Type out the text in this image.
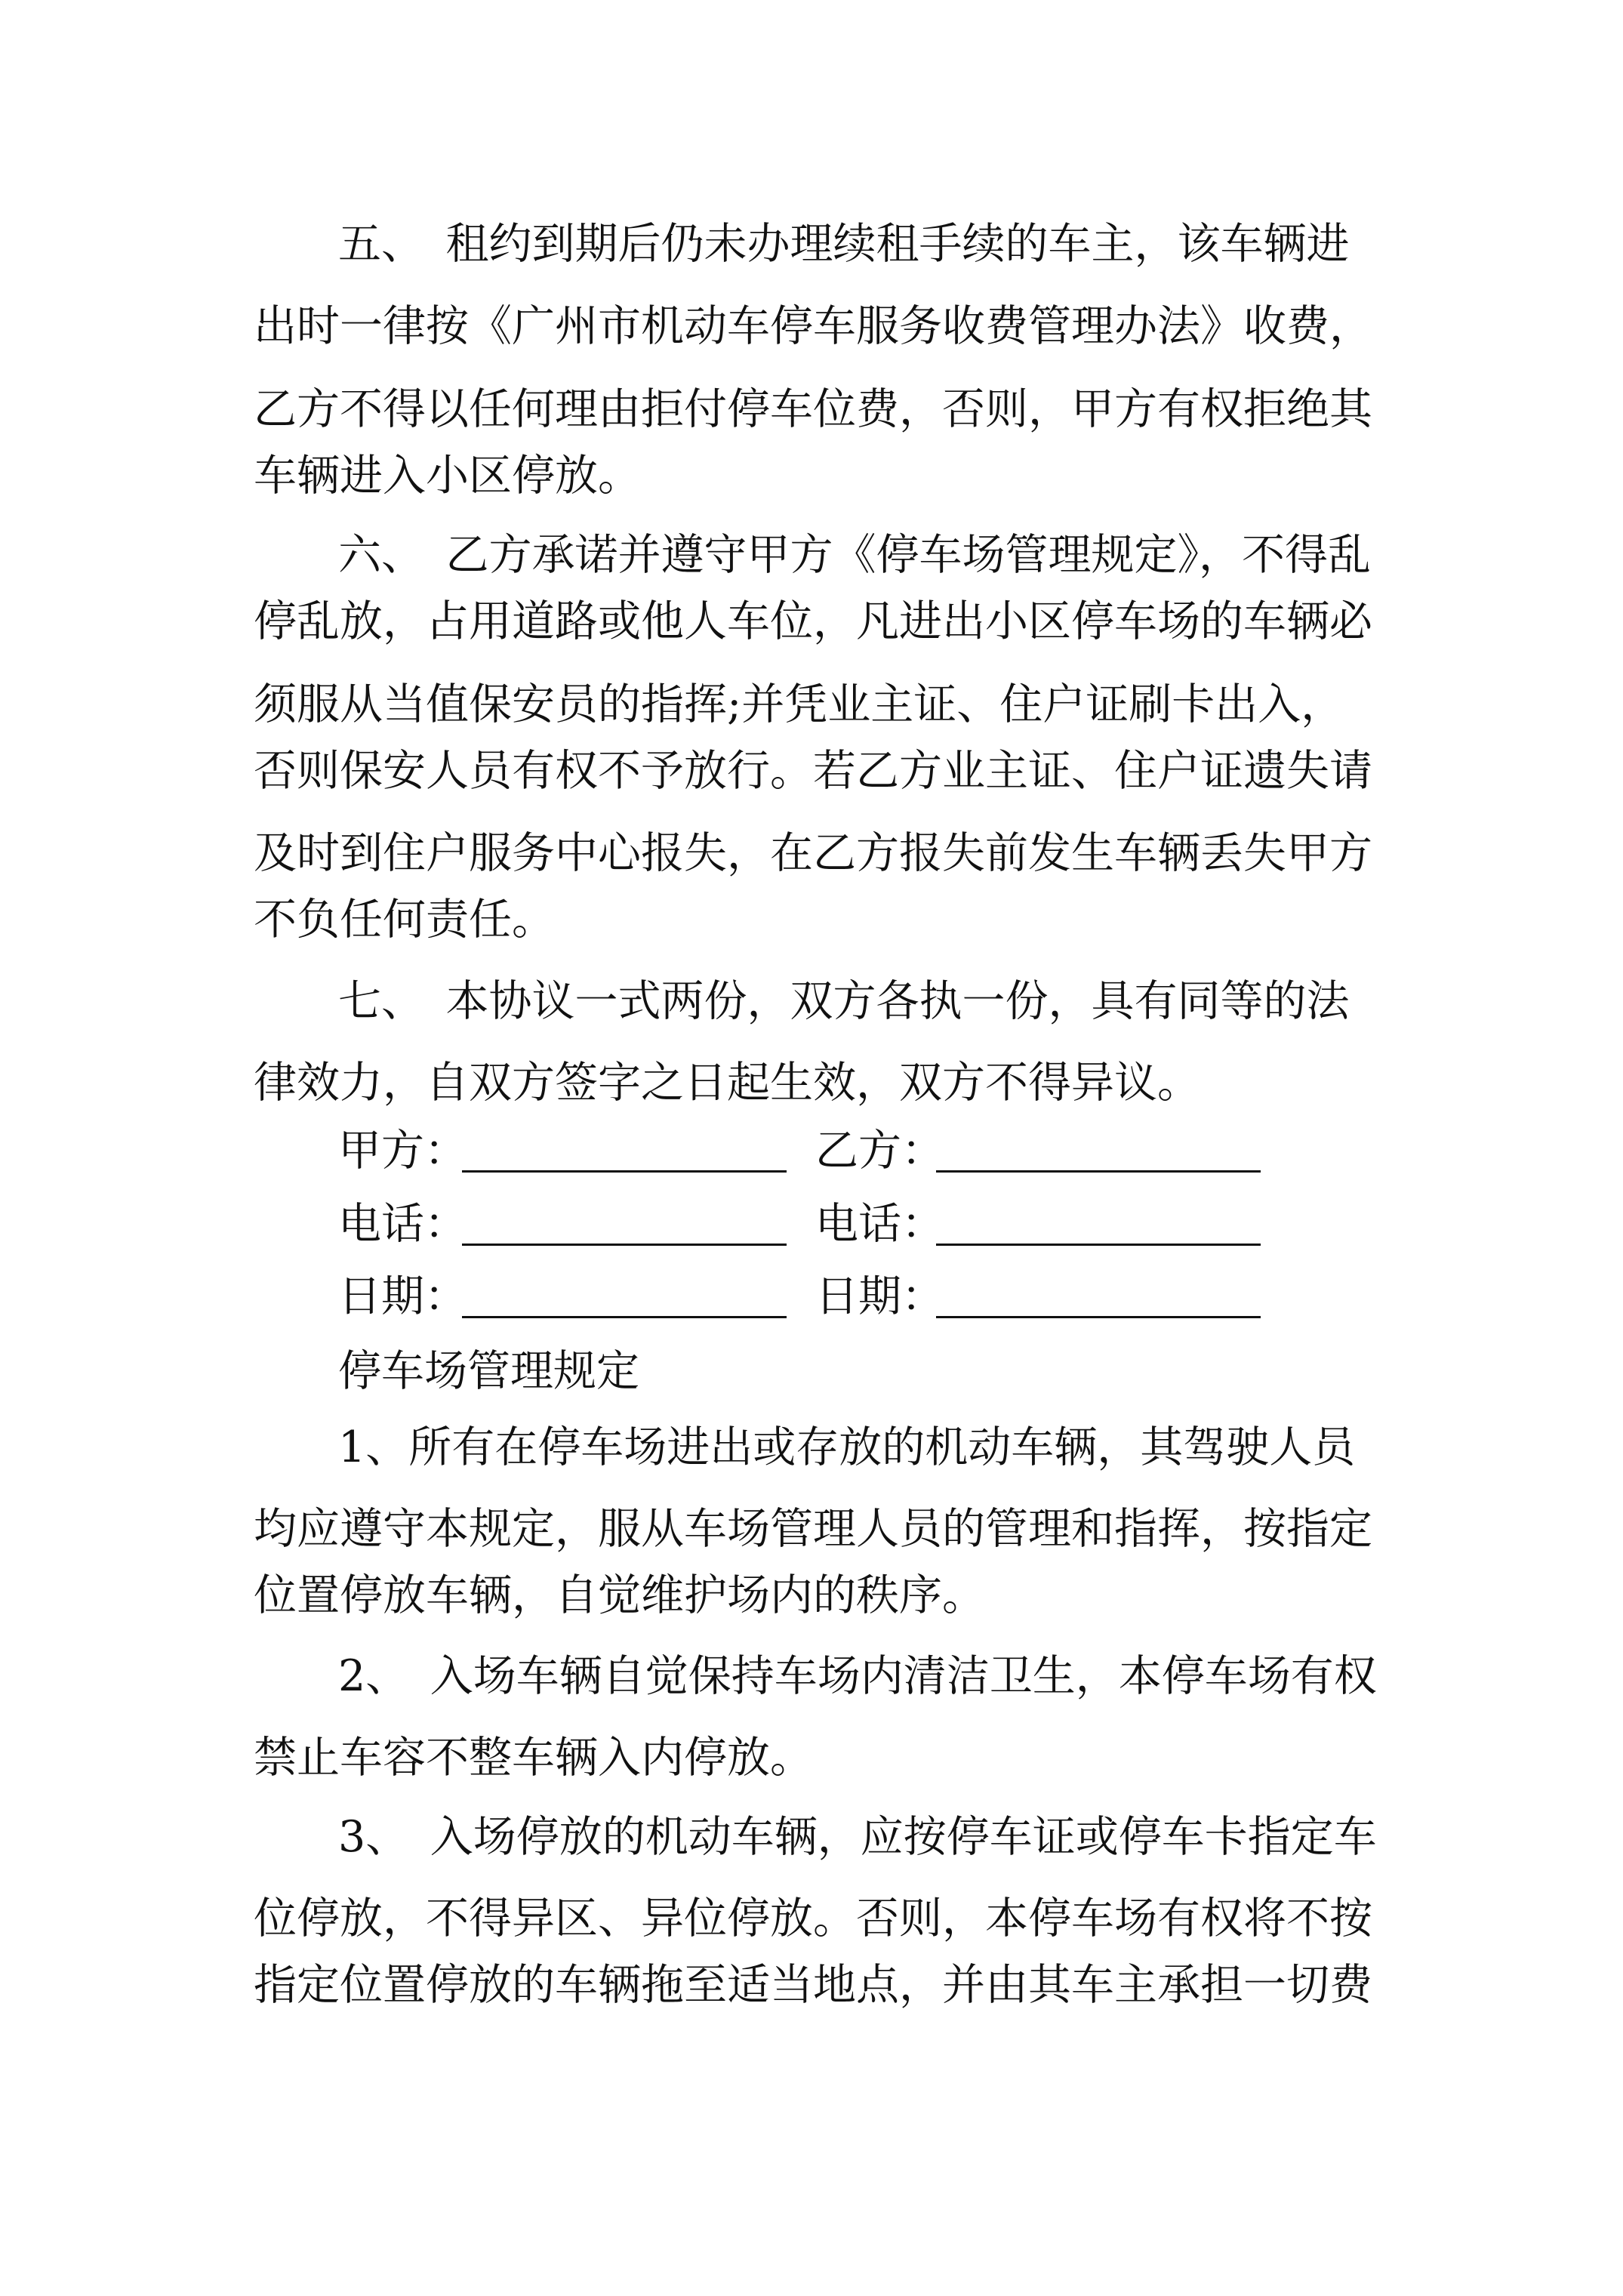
五、　租约到期后仍未办理续租手续的车主，该车辆进
出时一律按《广州市机动车停车服务收费管理办法》收费，
乙方不得以任何理由拒付停车位费，否则，甲方有权拒绝其
车辆进入小区停放。
六、　乙方承诺并遵守甲方《停车场管理规定》，不得乱
停乱放，占用道路或他人车位，凡进出小区停车场的车辆必
须服从当值保安员的指挥;并凭业主证、住户证刷卡出入，
否则保安人员有权不予放行。若乙方业主证、住户证遗失请
及时到住户服务中心报失，在乙方报失前发生车辆丢失甲方
不负任何责任。
七、　本协议一式两份，双方各执一份，具有同等的法
律效力，自双方签字之日起生效，双方不得异议。
甲方：	乙方：
电话：	电话：
日期：	日期：
停车场管理规定
1、所有在停车场进出或存放的机动车辆，其驾驶人员
均应遵守本规定，服从车场管理人员的管理和指挥，按指定
位置停放车辆，自觉维护场内的秩序。
2、　入场车辆自觉保持车场内清洁卫生，本停车场有权
禁止车容不整车辆入内停放。
3、　入场停放的机动车辆，应按停车证或停车卡指定车
位停放，不得异区、异位停放。否则，本停车场有权将不按
指定位置停放的车辆拖至适当地点，并由其车主承担一切费
